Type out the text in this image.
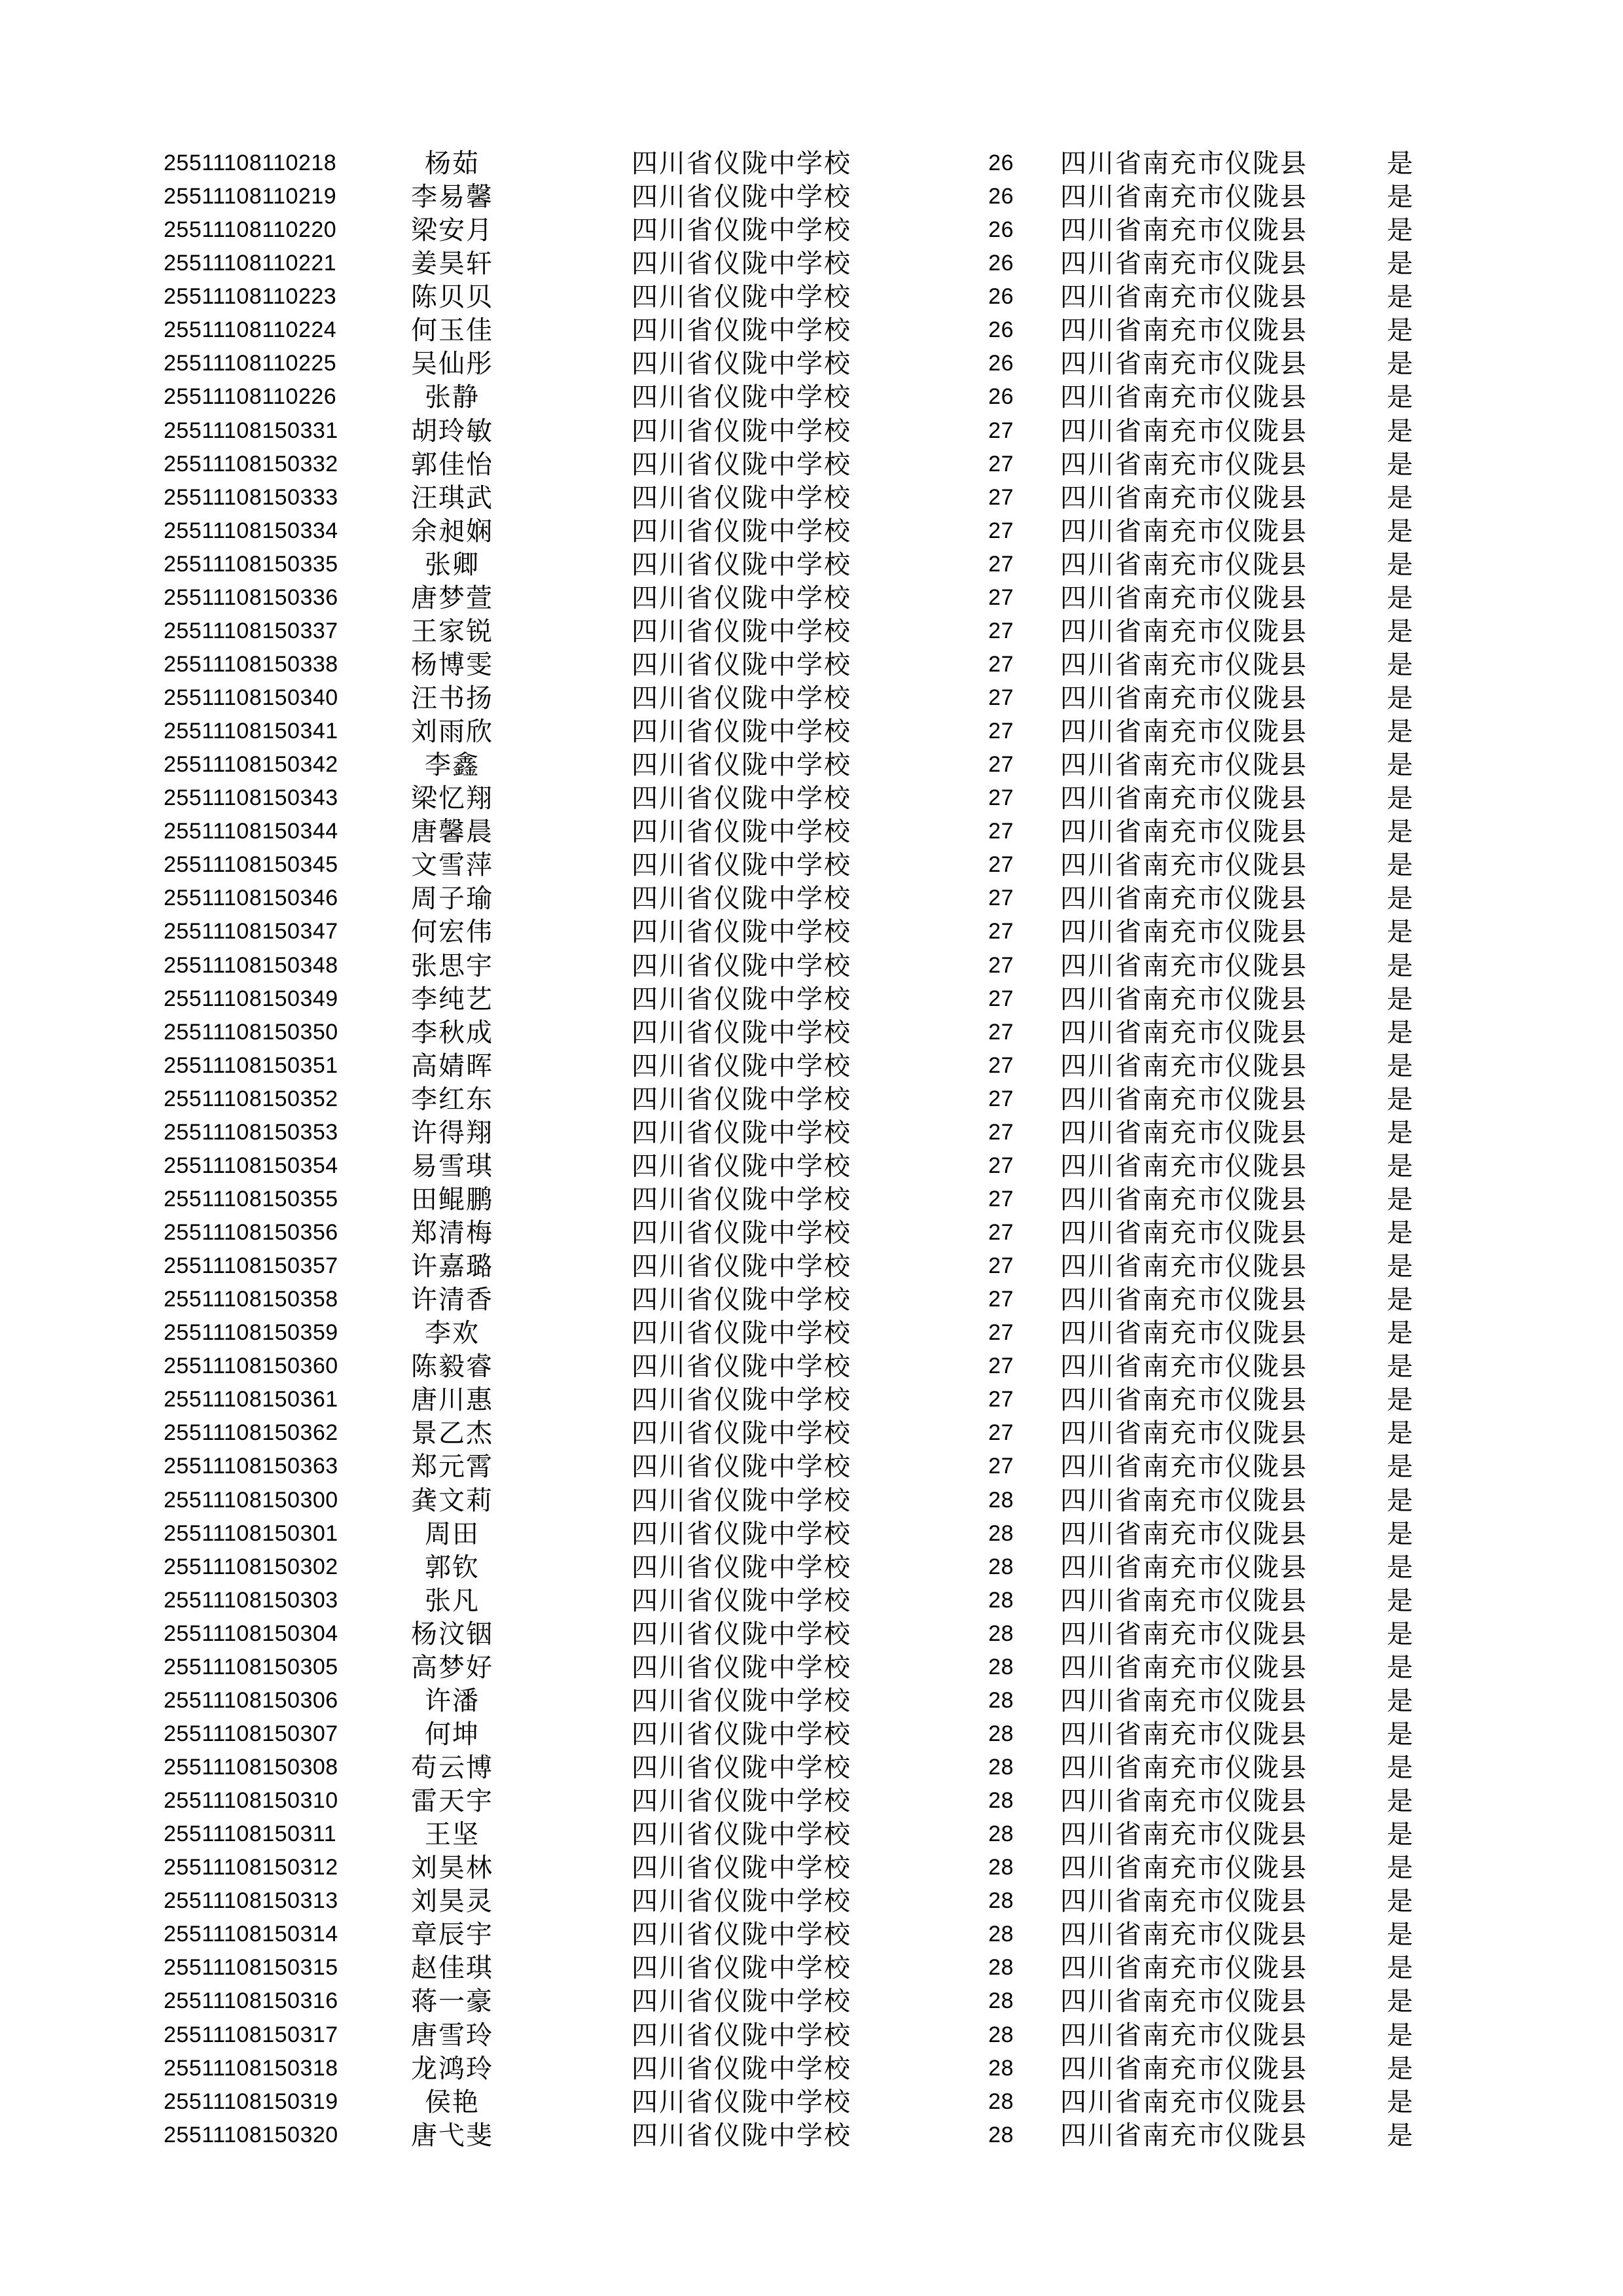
25511108110218	杨茹	四川省仪陇中学校	26 四川省南充市仪陇县	是
25511108110219	李易馨	四川省仪陇中学校	26 四川省南充市仪陇县	是
25511108110220	梁安月	四川省仪陇中学校	26 四川省南充市仪陇县	是
25511108110221	姜昊轩	四川省仪陇中学校	26 四川省南充市仪陇县	是
25511108110223	陈贝贝	四川省仪陇中学校	26 四川省南充市仪陇县	是
25511108110224	何玉佳	四川省仪陇中学校	26 四川省南充市仪陇县	是
25511108110225	吴仙彤	四川省仪陇中学校	26 四川省南充市仪陇县	是
25511108110226	张静	四川省仪陇中学校	26 四川省南充市仪陇县	是
25511108150331	胡玲敏	四川省仪陇中学校	27 四川省南充市仪陇县	是
25511108150332	郭佳怡	四川省仪陇中学校	27 四川省南充市仪陇县	是
25511108150333	汪琪武	四川省仪陇中学校	27 四川省南充市仪陇县	是
25511108150334	余昶娴	四川省仪陇中学校	27 四川省南充市仪陇县	是
25511108150335	张卿	四川省仪陇中学校	27 四川省南充市仪陇县	是
25511108150336	唐梦萱	四川省仪陇中学校	27 四川省南充市仪陇县	是
25511108150337	王家锐	四川省仪陇中学校	27 四川省南充市仪陇县	是
25511108150338	杨博雯	四川省仪陇中学校	27 四川省南充市仪陇县	是
25511108150340	汪书扬	四川省仪陇中学校	27 四川省南充市仪陇县	是
25511108150341	刘雨欣	四川省仪陇中学校	27 四川省南充市仪陇县	是
25511108150342	李鑫	四川省仪陇中学校	27 四川省南充市仪陇县	是
25511108150343	梁忆翔	四川省仪陇中学校	27 四川省南充市仪陇县	是
25511108150344	唐馨晨	四川省仪陇中学校	27 四川省南充市仪陇县	是
25511108150345	文雪萍	四川省仪陇中学校	27 四川省南充市仪陇县	是
25511108150346	周子瑜	四川省仪陇中学校	27 四川省南充市仪陇县	是
25511108150347	何宏伟	四川省仪陇中学校	27 四川省南充市仪陇县	是
25511108150348	张思宇	四川省仪陇中学校	27 四川省南充市仪陇县	是
25511108150349	李纯艺	四川省仪陇中学校	27 四川省南充市仪陇县	是
25511108150350	李秋成	四川省仪陇中学校	27 四川省南充市仪陇县	是
25511108150351	高婧晖	四川省仪陇中学校	27 四川省南充市仪陇县	是
25511108150352	李红东	四川省仪陇中学校	27 四川省南充市仪陇县	是
25511108150353	许得翔	四川省仪陇中学校	27 四川省南充市仪陇县	是
25511108150354	易雪琪	四川省仪陇中学校	27 四川省南充市仪陇县	是
25511108150355	田鲲鹏	四川省仪陇中学校	27 四川省南充市仪陇县	是
25511108150356	郑清梅	四川省仪陇中学校	27 四川省南充市仪陇县	是
25511108150357	许嘉璐	四川省仪陇中学校	27 四川省南充市仪陇县	是
25511108150358	许清香	四川省仪陇中学校	27 四川省南充市仪陇县	是
25511108150359	李欢	四川省仪陇中学校	27 四川省南充市仪陇县	是
25511108150360	陈毅睿	四川省仪陇中学校	27 四川省南充市仪陇县	是
25511108150361	唐川惠	四川省仪陇中学校	27 四川省南充市仪陇县	是
25511108150362	景乙杰	四川省仪陇中学校	27 四川省南充市仪陇县	是
25511108150363	郑元霄	四川省仪陇中学校	27 四川省南充市仪陇县	是
25511108150300	龚文莉	四川省仪陇中学校	28 四川省南充市仪陇县	是
25511108150301	周田	四川省仪陇中学校	28 四川省南充市仪陇县	是
25511108150302	郭钦	四川省仪陇中学校	28 四川省南充市仪陇县	是
25511108150303	张凡	四川省仪陇中学校	28 四川省南充市仪陇县	是
25511108150304	杨汶铟	四川省仪陇中学校	28 四川省南充市仪陇县	是
25511108150305	高梦好	四川省仪陇中学校	28 四川省南充市仪陇县	是
25511108150306	许潘	四川省仪陇中学校	28 四川省南充市仪陇县	是
25511108150307	何坤	四川省仪陇中学校	28 四川省南充市仪陇县	是
25511108150308	苟云博	四川省仪陇中学校	28 四川省南充市仪陇县	是
25511108150310	雷天宇	四川省仪陇中学校	28 四川省南充市仪陇县	是
25511108150311	王坚	四川省仪陇中学校	28 四川省南充市仪陇县	是
25511108150312	刘昊林	四川省仪陇中学校	28 四川省南充市仪陇县	是
25511108150313	刘昊灵	四川省仪陇中学校	28 四川省南充市仪陇县	是
25511108150314	章辰宇	四川省仪陇中学校	28 四川省南充市仪陇县	是
25511108150315	赵佳琪	四川省仪陇中学校	28 四川省南充市仪陇县	是
25511108150316	蒋一豪	四川省仪陇中学校	28 四川省南充市仪陇县	是
25511108150317	唐雪玲	四川省仪陇中学校	28 四川省南充市仪陇县	是
25511108150318	龙鸿玲	四川省仪陇中学校	28 四川省南充市仪陇县	是
25511108150319	侯艳	四川省仪陇中学校	28 四川省南充市仪陇县	是
25511108150320	唐弋斐	四川省仪陇中学校	28 四川省南充市仪陇县	是
